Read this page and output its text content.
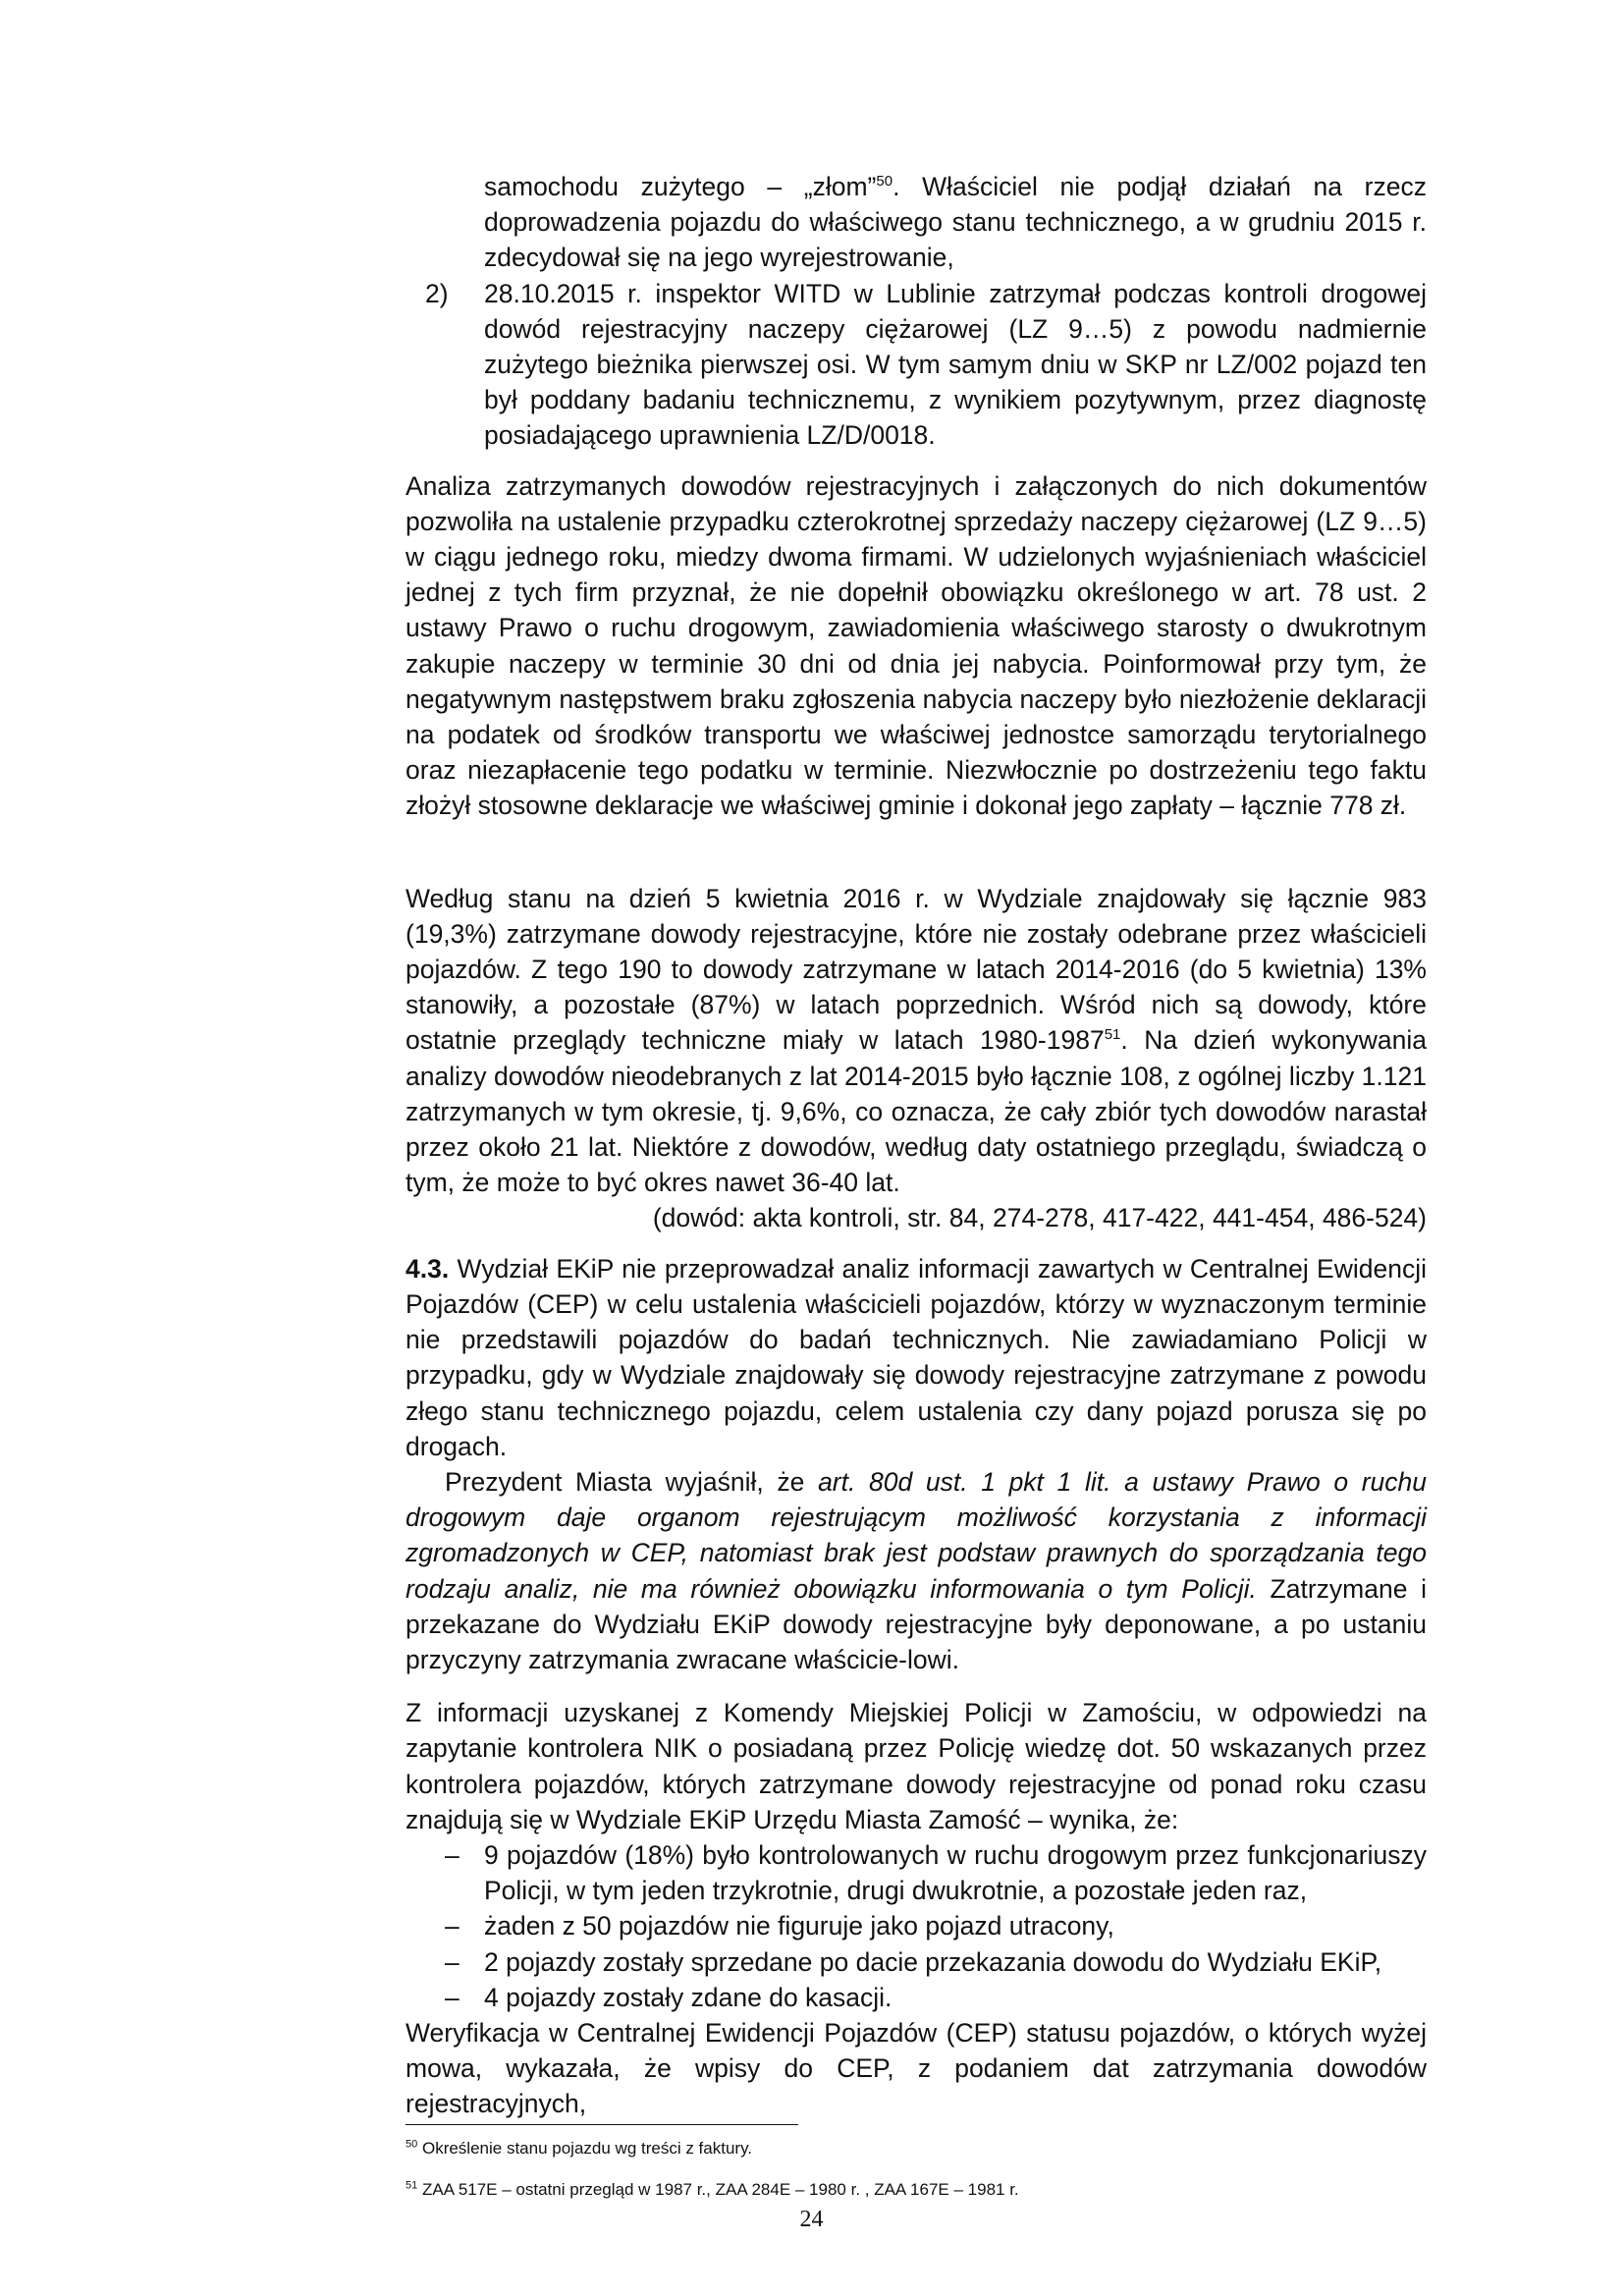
samochodu zużytego – „złom”$^{50}$. Właściciel nie podjął działań na rzecz doprowadzenia pojazdu do właściwego stanu technicznego, a w grudniu 2015 r. zdecydował się na jego wyrejestrowanie,

2) 28.10.2015 r. inspektor WITD w Lublinie zatrzymał podczas kontroli drogowej dowód rejestracyjny naczepy ciężarowej (LZ 9…5) z powodu nadmiernie zużytego bieżnika pierwszej osi. W tym samym dniu w SKP nr LZ/002 pojazd ten był poddany badaniu technicznemu, z wynikiem pozytywnym, przez diagnostę posiadającego uprawnienia LZ/D/0018.

Analiza zatrzymanych dowodów rejestracyjnych i załączonych do nich dokumentów pozwoliła na ustalenie przypadku czterokrotnej sprzedaży naczepy ciężarowej (LZ 9…5) w ciągu jednego roku, miedzy dwoma firmami. W udzielonych wyjaśnieniach właściciel jednej z tych firm przyznał, że nie dopełnił obowiązku określonego w art. 78 ust. 2 ustawy Prawo o ruchu drogowym, zawiadomienia właściwego starosty o dwukrotnym zakupie naczepy w terminie 30 dni od dnia jej nabycia. Poinformował przy tym, że negatywnym następstwem braku zgłoszenia nabycia naczepy było niezłożenie deklaracji na podatek od środków transportu we właściwej jednostce samorządu terytorialnego oraz niezapłacenie tego podatku w terminie. Niezwłocznie po dostrzeżeniu tego faktu złożył stosowne deklaracje we właściwej gminie i dokonał jego zapłaty – łącznie 778 zł.

Według stanu na dzień 5 kwietnia 2016 r. w Wydziale znajdowały się łącznie 983 (19,3%) zatrzymane dowody rejestracyjne, które nie zostały odebrane przez właścicieli pojazdów. Z tego 190 to dowody zatrzymane w latach 2014-2016 (do 5 kwietnia) 13% stanowiły, a pozostałe (87%) w latach poprzednich. Wśród nich są dowody, które ostatnie przeglądy techniczne miały w latach 1980-1987$^{51}$. Na dzień wykonywania analizy dowodów nieodebranych z lat 2014-2015 było łącznie 108, z ogólnej liczby 1.121 zatrzymanych w tym okresie, tj. 9,6%, co oznacza, że cały zbiór tych dowodów narastał przez około 21 lat. Niektóre z dowodów, według daty ostatniego przeglądu, świadczą o tym, że może to być okres nawet 36-40 lat.

(dowód: akta kontroli, str. 84, 274-278, 417-422, 441-454, 486-524)

4.3. Wydział EKiP nie przeprowadzał analiz informacji zawartych w Centralnej Ewidencji Pojazdów (CEP) w celu ustalenia właścicieli pojazdów, którzy w wyznaczonym terminie nie przedstawili pojazdów do badań technicznych. Nie zawiadamiano Policji w przypadku, gdy w Wydziale znajdowały się dowody rejestracyjne zatrzymane z powodu złego stanu technicznego pojazdu, celem ustalenia czy dany pojazd porusza się po drogach.

Prezydent Miasta wyjaśnił, że art. 80d ust. 1 pkt 1 lit. a ustawy Prawo o ruchu drogowym daje organom rejestrującym możliwość korzystania z informacji zgromadzonych w CEP, natomiast brak jest podstaw prawnych do sporządzania tego rodzaju analiz, nie ma również obowiązku informowania o tym Policji. Zatrzymane i przekazane do Wydziału EKiP dowody rejestracyjne były deponowane, a po ustaniu przyczyny zatrzymania zwracane właściciе-lowi.

Z informacji uzyskanej z Komendy Miejskiej Policji w Zamościu, w odpowiedzi na zapytanie kontrolera NIK o posiadaną przez Policję wiedzę dot. 50 wskazanych przez kontrolera pojazdów, których zatrzymane dowody rejestracyjne od ponad roku czasu znajdują się w Wydziale EKiP Urzędu Miasta Zamość – wynika, że:

– 9 pojazdów (18%) było kontrolowanych w ruchu drogowym przez funkcjonariuszy Policji, w tym jeden trzykrotnie, drugi dwukrotnie, a pozostałe jeden raz,
– żaden z 50 pojazdów nie figuruje jako pojazd utracony,
– 2 pojazdy zostały sprzedane po dacie przekazania dowodu do Wydziału EKiP,
– 4 pojazdy zostały zdane do kasacji.

Weryfikacja w Centralnej Ewidencji Pojazdów (CEP) statusu pojazdów, o których wyżej mowa, wykazała, że wpisy do CEP, z podaniem dat zatrzymania dowodów rejestracyjnych,

$^{50}$ Określenie stanu pojazdu wg treści z faktury.
$^{51}$ ZAA 517E – ostatni przegląd w 1987 r., ZAA 284E – 1980 r. , ZAA 167E – 1981 r.
24
